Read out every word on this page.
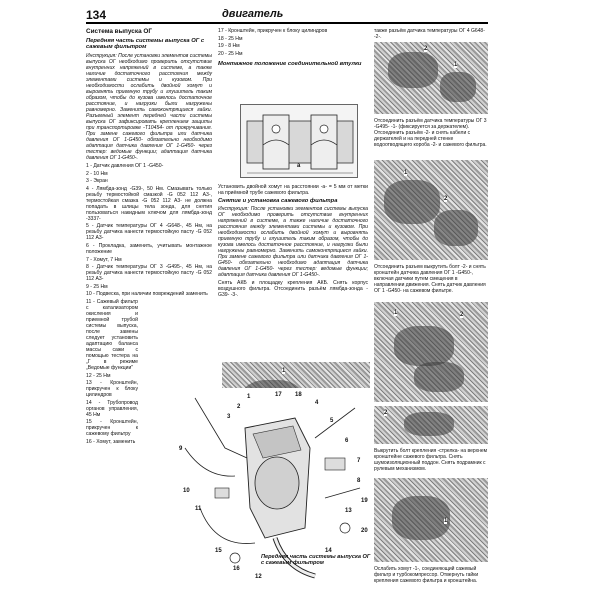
134	двигатель
Система выпуска ОГ
Передняя часть системы выпуска ОГ с сажевым фильтром
Инструкция: После установки элементов системы выпуска ОГ необходимо проверить отсутствие внутренних напряжений в системе, а также наличие достаточного расстояния между элементами системы и кузовом. При необходимости ослабить двойной хомут и выровнять приемную трубу и глушитель таким образом, чтобы до кузова имелось достаточное расстояние, и нагрузки были нагружены равномерно. Заменить самоконтрящиеся гайки. Разъемный элемент передней части системы выпуска ОГ зафиксировать креплением защиты при транспортировке -T10454- от прокручивания. При замене сажевого фильтра или датчика давления ОГ 1-G450- обязательно необходимо адаптация датчика давления ОГ 1-G450- через тестер: ведомые функции; адаптация датчика давления ОГ 1-G450-.
1 - Датчик давления ОГ 1 -G450-
2 - 10 Нм
3 - Экран
4 - Лямбда-зонд -G39-, 50 Нм. Смазывать только резьбу термостойкой смазкой -G 052 112 А3-, термостойкая смазка -G 052 112 А3- не должна попадать в шлицы тела зонда, для снятия пользоваться накидным ключом для лямбда-зонд -3337-
5 - Датчик температуры ОГ 4 -G648-, 45 Нм, на резьбу датчика нанести термостойкую пасту -G 052 112 А3-
6 - Прокладка, заменить, учитывать монтажное положение
7 - Хомут, 7 Нм
8 - Датчик температуры ОГ 3 -G495-, 45 Нм, на резьбу датчика нанести термостойкую пасту -G 052 112 А3-
9 - 25 Нм
10 - Подвеска, при наличии повреждений заменить
11 - Сажевый фильтр с катализатором окисления и приемной трубой системы выпуска, после замены следует установить адаптацию баланса массы сажи с помощью тестера на „Г в режиме „Ведомые функции"
12 - 25 Нм
13 - Кронштейн, прикручен к блоку цилиндров
14 - Трубопровод органов управления, 45 Нм
15 - Кронштейн, прикручен к сажевому фильтру
16 - Хомут, заменить
17 - Кронштейн, прикручен к блоку цилиндров
18 - 25 Нм
19 - 8 Нм
20 - 25 Нм
Монтажное положение соединительной втулки
a
Установить двойной хомут на расстоянии -а- = 5 мм от метки на приёмной трубе сажевого фильтра.
Снятие и установка сажевого фильтра
Инструкция: После установки элементов системы выпуска ОГ необходимо проверить отсутствие внутренних напряжений в системе, а также наличие достаточного расстояния между элементами системы и кузовом. При необходимости ослабить двойной хомут и выровнять приемную трубу и глушитель таким образом, чтобы до кузова имелось достаточное расстояние, и нагрузки были нагружены равномерно. Заменить самоконтрящиеся гайки. При замене сажевого фильтра или датчика давления ОГ 1-G450- обязательно необходимо адаптация датчика давления ОГ 1-G450- через тестер: ведомые функции; адаптация датчика давления ОГ 1-G450-.
Снять АКБ и площадку крепления АКБ. Снять корпус воздушного фильтра. Отсоединить разъём лямбда-зонда -G39- -3-.
1
1
2
3
4
5
6
7
8
9
10
11
12
13
14
15
16
17 18
19
20
Передняя часть системы выпуска ОГ с сажевым фильтром
также разъём датчика температуры ОГ 4 G648- -2-.
2
1
Отсоединить разъём датчика температуры ОГ 3 -G495- -1- (фиксируется за держателем). Отсоединить разъём -2- и снять кабели с держателей и на передней стенке водоотводящего короба -2- и сажевого фильтра.
1
2
Отсоединить разъем выкрутить болт -2- и снять кронштейн датчика давления ОГ 1 -G450-, включая датчики путем смещения в направлении движения. Снять датчик давления ОГ 1 -G450- на сажевом фильтре.
1	2
2
Выкрутить болт крепления -стрелка- на верхнем кронштейне сажевого фильтра. Снять шумоизоляционный поддон. Снять подрамник с рулевым механизмом.
1
Ослабить хомут -1-, соединяющий сажевый фильтр и турбокомпрессор. Отвернуть гайки крепления сажевого фильтра и кронштейна.
